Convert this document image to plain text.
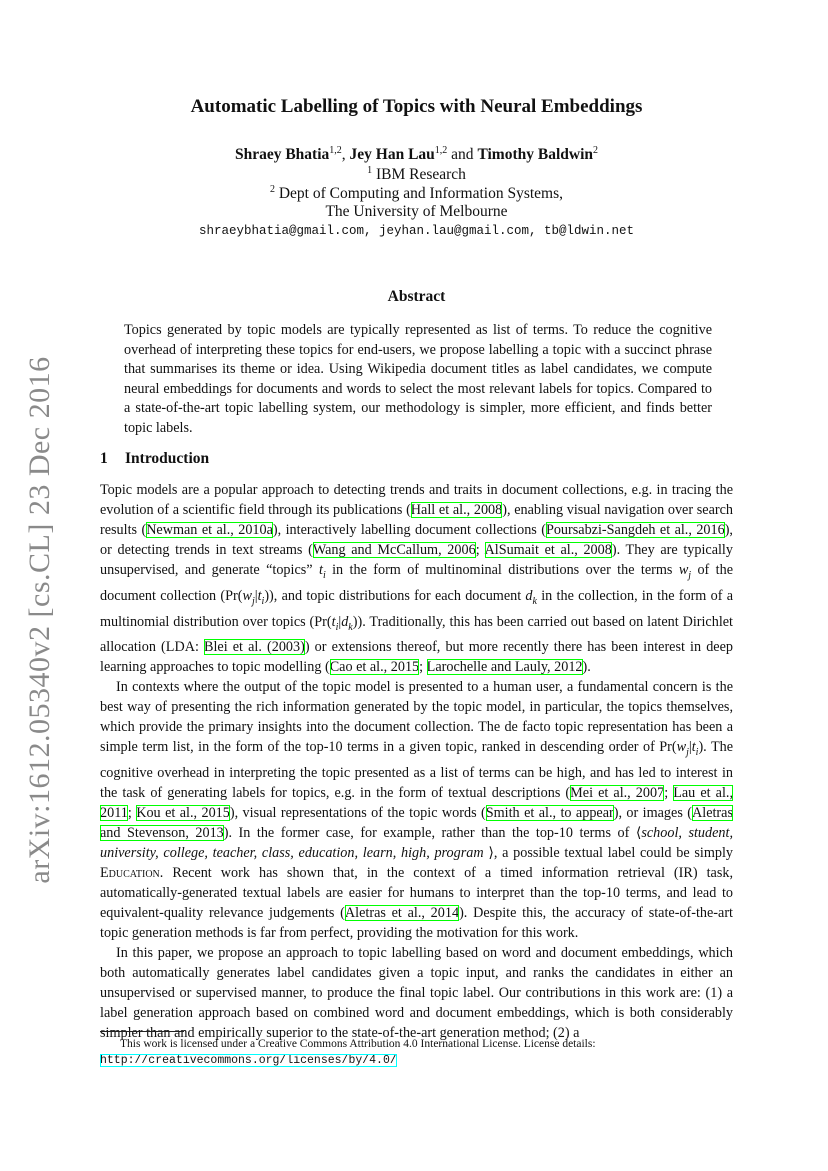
arXiv:1612.05340v2 [cs.CL] 23 Dec 2016
Automatic Labelling of Topics with Neural Embeddings
Shraey Bhatia$^{1,2}$, Jey Han Lau$^{1,2}$ and Timothy Baldwin$^2$
$^1$ IBM Research
$^2$ Dept of Computing and Information Systems,
The University of Melbourne
shraeybhatia@gmail.com, jeyhan.lau@gmail.com, tb@ldwin.net
Abstract
Topics generated by topic models are typically represented as list of terms. To reduce the cognitive overhead of interpreting these topics for end-users, we propose labelling a topic with a succinct phrase that summarises its theme or idea. Using Wikipedia document titles as label candidates, we compute neural embeddings for documents and words to select the most relevant labels for topics. Compared to a state-of-the-art topic labelling system, our methodology is simpler, more efficient, and finds better topic labels.
1 Introduction

Topic models are a popular approach to detecting trends and traits in document collections, e.g. in tracing the evolution of a scientific field through its publications (Hall et al., 2008), enabling visual navigation over search results (Newman et al., 2010a), interactively labelling document collections (Poursabzi-Sangdeh et al., 2016), or detecting trends in text streams (Wang and McCallum, 2006; AlSumait et al., 2008). They are typically unsupervised, and generate “topics” $t_i$ in the form of multinominal distributions over the terms $w_j$ of the document collection $(Pr(w_j|t_i))$, and topic distributions for each document $d_k$ in the collection, in the form of a multinomial distribution over topics $(Pr(t_i|d_k))$. Traditionally, this has been carried out based on latent Dirichlet allocation (LDA: Blei et al. (2003)) or extensions thereof, but more recently there has been interest in deep learning approaches to topic modelling (Cao et al., 2015; Larochelle and Lauly, 2012).

In contexts where the output of the topic model is presented to a human user, a fundamental concern is the best way of presenting the rich information generated by the topic model, in particular, the topics themselves, which provide the primary insights into the document collection. The de facto topic representation has been a simple term list, in the form of the top-10 terms in a given topic, ranked in descending order of $Pr(w_j|t_i)$. The cognitive overhead in interpreting the topic presented as a list of terms can be high, and has led to interest in the task of generating labels for topics, e.g. in the form of textual descriptions (Mei et al., 2007; Lau et al., 2011; Kou et al., 2015), visual representations of the topic words (Smith et al., to appear), or images (Aletras and Stevenson, 2013). In the former case, for example, rather than the top-10 terms of ⟨school, student, university, college, teacher, class, education, learn, high, program ⟩, a possible textual label could be simply Education. Recent work has shown that, in the context of a timed information retrieval (IR) task, automatically-generated textual labels are easier for humans to interpret than the top-10 terms, and lead to equivalent-quality relevance judgements (Aletras et al., 2014). Despite this, the accuracy of state-of-the-art topic generation methods is far from perfect, providing the motivation for this work.

In this paper, we propose an approach to topic labelling based on word and document embeddings, which both automatically generates label candidates given a topic input, and ranks the candidates in either an unsupervised or supervised manner, to produce the final topic label. Our contributions in this work are: (1) a label generation approach based on combined word and document embeddings, which is both considerably simpler than and empirically superior to the state-of-the-art generation method; (2) a

This work is licensed under a Creative Commons Attribution 4.0 International License. License details: http://creativecommons.org/licenses/by/4.0/
